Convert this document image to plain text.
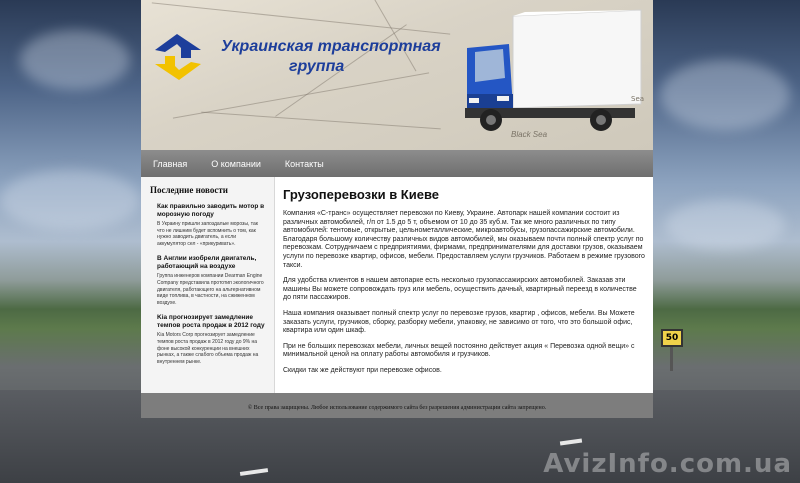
50
AvizInfo.com.ua
Украинская транспортная
группа
Sea
Black Sea
Главная	О компании	Контакты
Последние новости
Как правильно заводить мотор в морозную погоду
В Украину пришли запоздалые морозы, так что не лишним будет вспомнить о том, как нужно заводить двигатель, а если аккумулятор сел - «прикуривать».
В Англии изобрели двигатель, работающий на воздухе
Группа инженеров компании Dearman Engine Company представила прототип экологичного двигателя, работающего на альтернативном виде топлива, в частности, на сжиженном воздухе.
Kia прогнозирует замедление темпов роста продаж в 2012 году
Kia Motors Corp прогнозирует замедление темпов роста продаж в 2012 году до 9% на фоне высокой конкуренции на внешних рынках, а также слабого объема продаж на внутреннем рынке.
Грузоперевозки в Киеве

Компания «С-транс» осуществляет перевозки по Киеву, Украине. Автопарк нашей компании состоит из различных автомобилей, г/п от 1.5 до 5 т, объемом от 10 до 35 куб.м. Так же много различных по типу автомобилей: тентовые, открытые, цельнометаллические, микроавтобусы, грузопассажирские автомобили. Благодаря большому количеству различных видов автомобилей, мы оказываем почти полный спектр услуг по перевозкам. Сотрудничаем с предприятиями, фирмами, предпринимателями для доставки грузов, оказываем услуги по перевозке квартир, офисов, мебели. Предоставляем услуги грузчиков. Работаем в режиме грузового такси.

Для удобства клиентов в нашем автопарке есть несколько грузопассажирских автомобилей. Заказав эти машины Вы можете сопровождать груз или мебель, осуществить дачный, квартирный переезд в количестве до пяти пассажиров.

Наша компания оказывает полный спектр услуг по перевозке грузов, квартир , офисов, мебели. Вы Можете заказать услуги, грузчиков, сборку, разборку мебели, упаковку, не зависимо от того, что это большой офис, квартира или один шкаф.

При не больших перевозках мебели, личных вещей постоянно действует акция « Перевозка одной вещи» с минимальной ценой на оплату работы автомобиля и грузчиков.

Скидки так же действуют при перевозке офисов.

© Все права защищены. Любое использование содержимого сайта без разрешения администрации сайта запрещено.
